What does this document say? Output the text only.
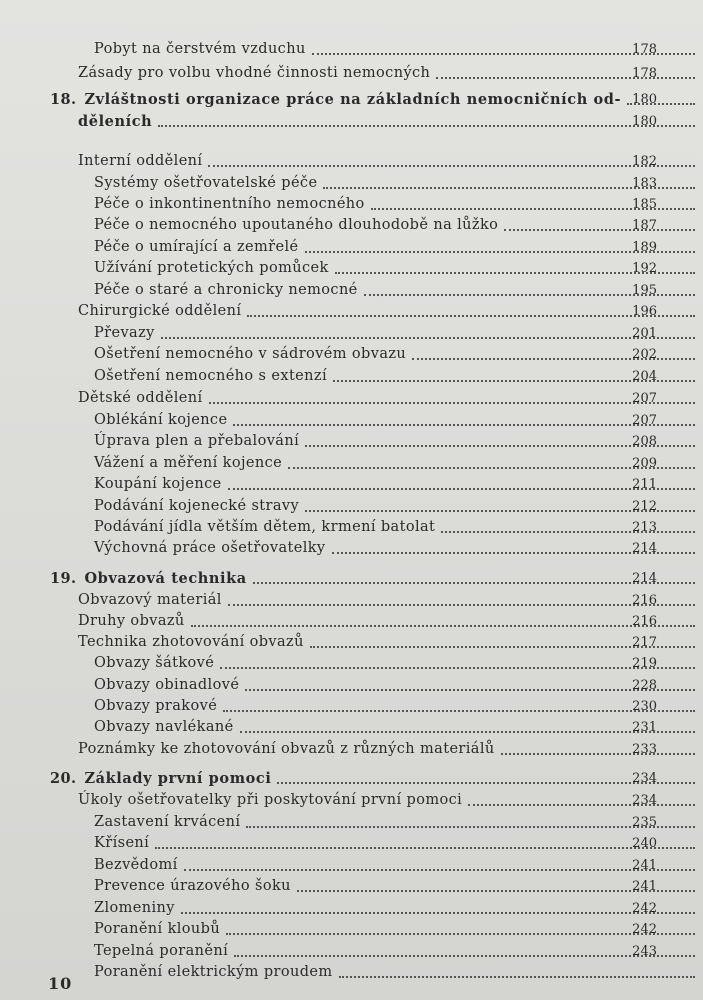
Pobyt na čerstvém vzduchu	178
Zásady pro volbu vhodné činnosti nemocných	178
18. Zvláštnosti organizace práce na základních nemocničních od- 180
děleních	180
Interní oddělení	182
Systémy ošetřovatelské péče	183
Péče o inkontinentního nemocného	185
Péče o nemocného upoutaného dlouhodobě na lůžko	187
Péče o umírající a zemřelé	189
Užívání protetických pomůcek	192
Péče o staré a chronicky nemocné	195
Chirurgické oddělení	196
Převazy	201
Ošetření nemocného v sádrovém obvazu	202
Ošetření nemocného s extenzí	204
Dětské oddělení	207
Oblékání kojence	207
Úprava plen a přebalování	208
Vážení a měření kojence	209
Koupání kojence	211
Podávání kojenecké stravy	212
Podávání jídla větším dětem, krmení batolat	213
Výchovná práce ošetřovatelky	214
19. Obvazová technika	214
Obvazový materiál	216
Druhy obvazů	216
Technika zhotovování obvazů	217
Obvazy šátkové	219
Obvazy obinadlové	228
Obvazy prakové	230
Obvazy navlékané	231
Poznámky ke zhotovování obvazů z různých materiálů	233
20. Základy první pomoci	234
Úkoly ošetřovatelky při poskytování první pomoci	234
Zastavení krvácení	235
Křísení	240
Bezvědomí	241
Prevence úrazového šoku	241
Zlomeniny	242
Poranění kloubů	242
Tepelná poranění	243
Poranění elektrickým proudem
10
